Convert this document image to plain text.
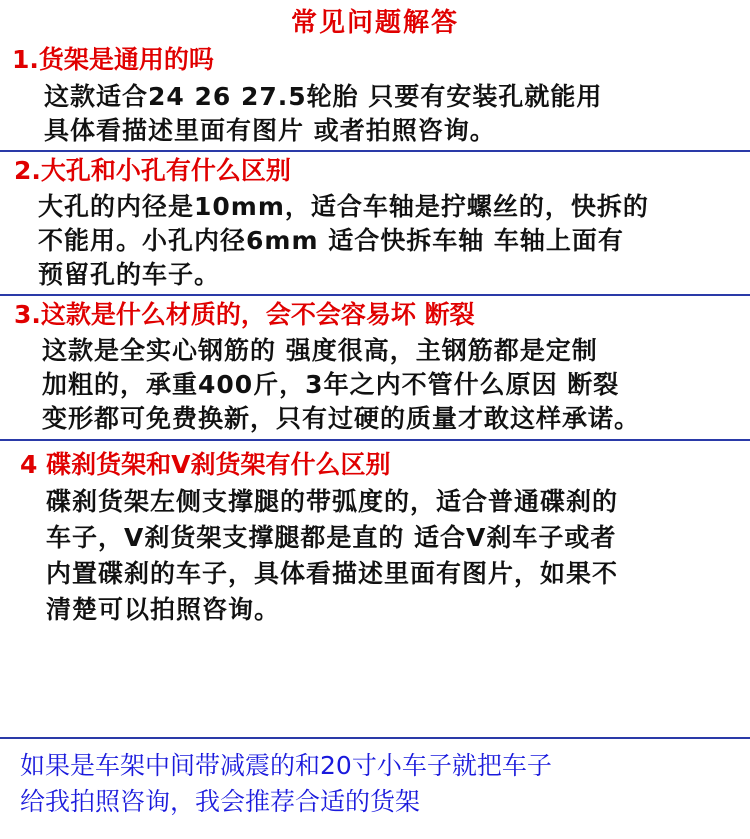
常见问题解答
1.货架是通用的吗
这款适合24 26 27.5轮胎 只要有安装孔就能用
具体看描述里面有图片 或者拍照咨询。
2.大孔和小孔有什么区别
大孔的内径是10mm，适合车轴是拧螺丝的，快拆的
不能用。小孔内径6mm 适合快拆车轴 车轴上面有
预留孔的车子。
3.这款是什么材质的，会不会容易坏 断裂
这款是全实心钢筋的 强度很高，主钢筋都是定制
加粗的，承重400斤，3年之内不管什么原因 断裂
变形都可免费换新，只有过硬的质量才敢这样承诺。
4 碟刹货架和V刹货架有什么区别
碟刹货架左侧支撑腿的带弧度的，适合普通碟刹的
车子，V刹货架支撑腿都是直的 适合V刹车子或者
内置碟刹的车子，具体看描述里面有图片，如果不
清楚可以拍照咨询。
如果是车架中间带减震的和20寸小车子就把车子
给我拍照咨询，我会推荐合适的货架
